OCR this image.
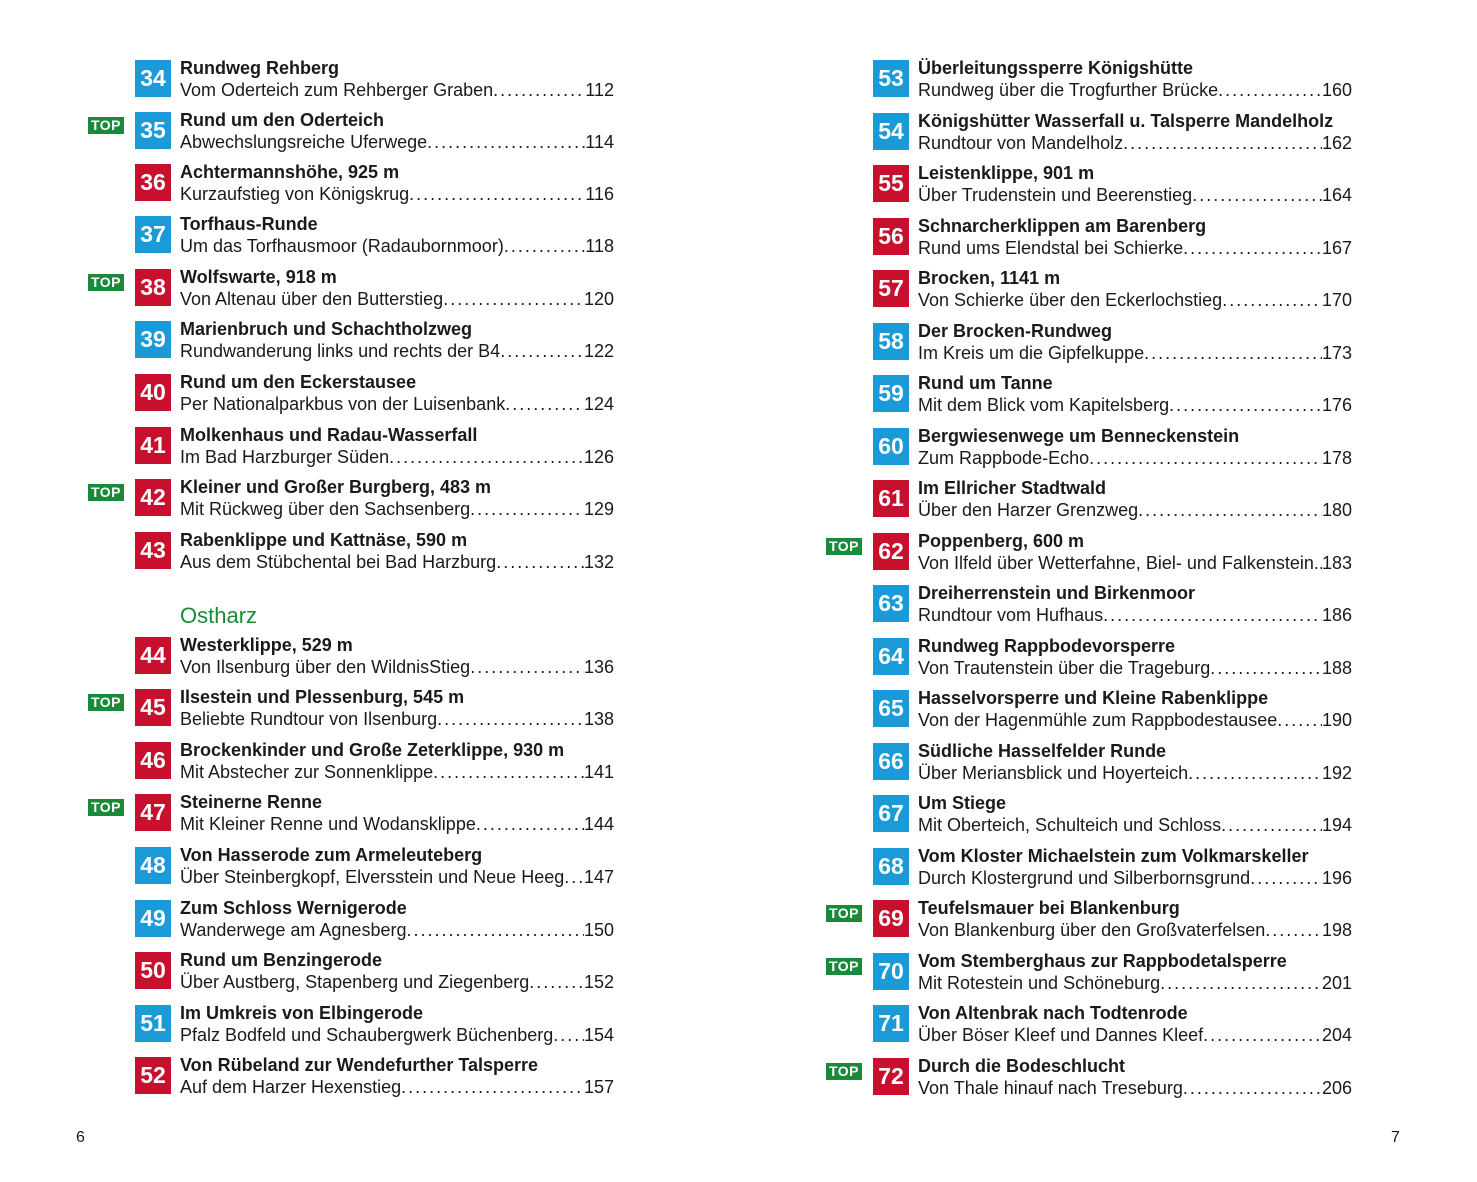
Ostharz
6
34 Rundweg Rehberg
Vom Oderteich zum Rehberger Graben .....	112
TOP 35 Rund um den Oderteich
Abwechslungsreiche Uferwege .....	114
36 Achtermannshöhe, 925 m
Kurzaufstieg von Königskrug .....	116
37 Torfhaus-Runde
Um das Torfhausmoor (Radaubornmoor) .....	118
TOP 38 Wolfswarte, 918 m
Von Altenau über den Butterstieg .....	120
39 Marienbruch und Schachtholzweg
Rundwanderung links und rechts der B4 .....	122
40 Rund um den Eckerstausee
Per Nationalparkbus von der Luisenbank .....	124
41 Molkenhaus und Radau-Wasserfall
Im Bad Harzburger Süden .....	126
TOP 42 Kleiner und Großer Burgberg, 483 m
Mit Rückweg über den Sachsenberg .....	129
43 Rabenklippe und Kattnäse, 590 m
Aus dem Stübchental bei Bad Harzburg .....	132
44 Westerklippe, 529 m
Von Ilsenburg über den WildnisStieg .....	136
TOP 45 Ilsestein und Plessenburg, 545 m
Beliebte Rundtour von Ilsenburg .....	138
46 Brockenkinder und Große Zeterklippe, 930 m
Mit Abstecher zur Sonnenklippe .....	141
TOP 47 Steinerne Renne
Mit Kleiner Renne und Wodansklippe .....	144
48 Von Hasserode zum Armeleuteberg
Über Steinbergkopf, Elversstein und Neue Heeg ..... 147
49 Zum Schloss Wernigerode
Wanderwege am Agnesberg .....	150
50 Rund um Benzingerode
Über Austberg, Stapenberg und Ziegenberg .....	152
51 Im Umkreis von Elbingerode
Pfalz Bodfeld und Schaubergwerk Büchenberg ..... 154
52 Von Rübeland zur Wendefurther Talsperre
Auf dem Harzer Hexenstieg .....	157
7
53 Überleitungssperre Königshütte
Rundweg über die Trogfurther Brücke .....	160
54 Königshütter Wasserfall u. Talsperre Mandelholz
Rundtour von Mandelholz .....	162
55 Leistenklippe, 901 m
Über Trudenstein und Beerenstieg .....	164
56 Schnarcherklippen am Barenberg
Rund ums Elendstal bei Schierke .....	167
57 Brocken, 1141 m
Von Schierke über den Eckerlochstieg .....	170
58 Der Brocken-Rundweg
Im Kreis um die Gipfelkuppe .....	173
59 Rund um Tanne
Mit dem Blick vom Kapitelsberg .....	176
60 Bergwiesenwege um Benneckenstein
Zum Rappbode-Echo .....	178
61 Im Ellricher Stadtwald
Über den Harzer Grenzweg .....	180
TOP 62 Poppenberg, 600 m
Von Ilfeld über Wetterfahne, Biel- und Falkenstein. ..... 183
63 Dreiherrenstein und Birkenmoor
Rundtour vom Hufhaus .....	186
64 Rundweg Rappbodevorsperre
Von Trautenstein über die Trageburg .....	188
65 Hasselvorsperre und Kleine Rabenklippe
Von der Hagenmühle zum Rappbodestausee ..... 190
66 Südliche Hasselfelder Runde
Über Meriansblick und Hoyerteich .....	192
67 Um Stiege
Mit Oberteich, Schulteich und Schloss .....	194
68 Vom Kloster Michaelstein zum Volkmarskeller
Durch Klostergrund und Silberbornsgrund .....	196
TOP 69 Teufelsmauer bei Blankenburg
Von Blankenburg über den Großvaterfelsen .....	198
TOP 70 Vom Stemberghaus zur Rappbodetalsperre
Mit Rotestein und Schöneburg .....	201
71 Von Altenbrak nach Todtenrode
Über Böser Kleef und Dannes Kleef .....	204
TOP 72 Durch die Bodeschlucht
Von Thale hinauf nach Treseburg .....	206
